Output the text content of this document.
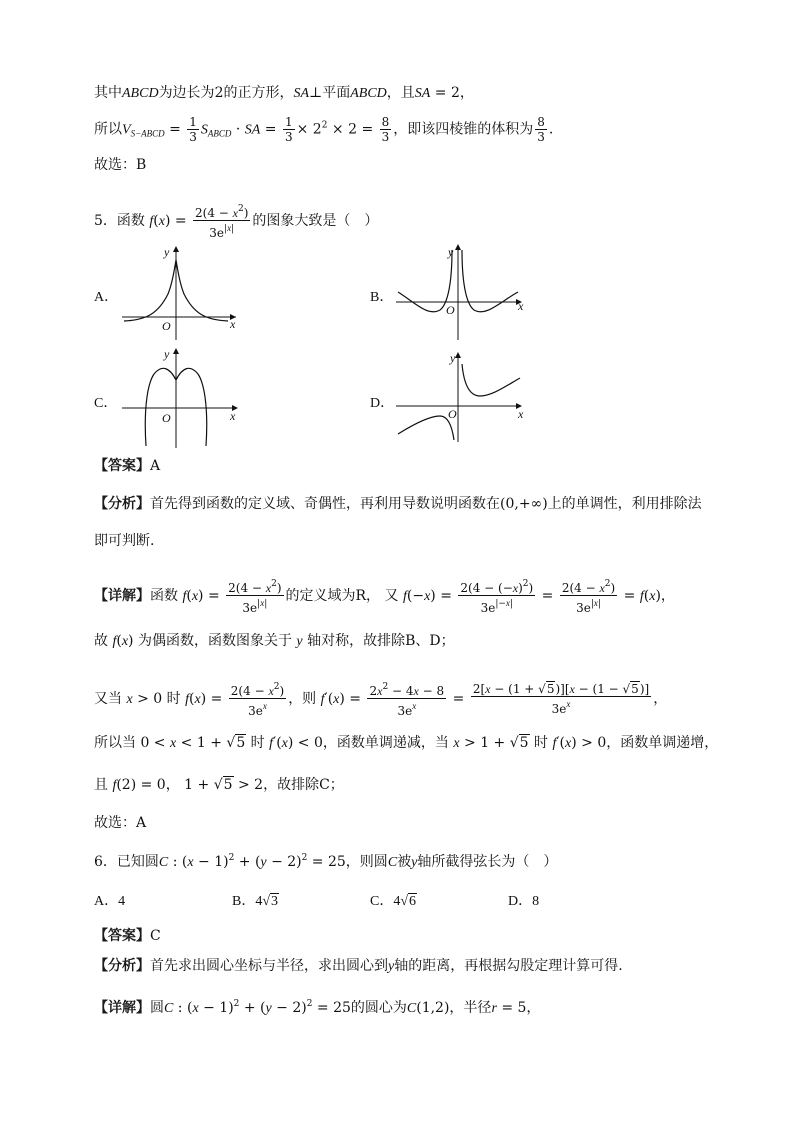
其中ABCD为边长为2的正方形，SA⊥平面ABCD，且SA = 2，
所以$V_{S-ABCD} = \frac{1}{3} S_{ABCD}$ · SA = $\frac{1}{3} \times 2^2 \times 2 = \frac{8}{3}$ ，即该四棱锥的体积为 $\frac{8}{3}$ .
故选：B
5．函数 $f(x) = \frac{2(4 - x^2)}{3e^{|x|}}$ 的图象大致是（　）
A．	B．
C．	D．
x
y
O
x
y
O
x
y
O	x
y
O
【答案】A
【分析】首先得到函数的定义域、奇偶性，再利用导数说明函数在(0,+∞)上的单调性，利用排除法
即可判断.
【详解】函数 $f(x) = \frac{2(4 - x^2)}{3e^{|x|}}$ 的定义域为R， 又 $f(-x) = \frac{2(4 - (-x)^2)}{3e^{|-x|}} = \frac{2(4 - x^2)}{3e^{|x|}} = f(x)$，
故 f(x) 为偶函数，函数图象关于 y 轴对称，故排除B、D；
又当 x > 0 时 $f(x) = \frac{2(4 - x^2)}{3e^x}$ ，则 $f'(x) = \frac{2x^2 - 4x - 8}{3e^x} = \frac{2[x - (1 + √5)][x - (1 - √5)]}{3e^x}$ ，
所以当 0 < x < 1 + √5 时 f′(x) < 0，函数单调递减，当 x > 1 + √5 时 f′(x) > 0，函数单调递增，
且 f(2) = 0， 1 + √5 > 2，故排除C；
故选：A
6．已知圆C : $(x - 1)^2 + (y - 2)^2 = 25$，则圆C被y轴所截得弦长为（　）
A．4	B．4√3	C．4√6	D．8
【答案】C
【分析】首先求出圆心坐标与半径，求出圆心到y轴的距离，再根据勾股定理计算可得.
【详解】圆C : $(x - 1)^2 + (y - 2)^2 = 25$的圆心为C(1,2)，半径r = 5，
